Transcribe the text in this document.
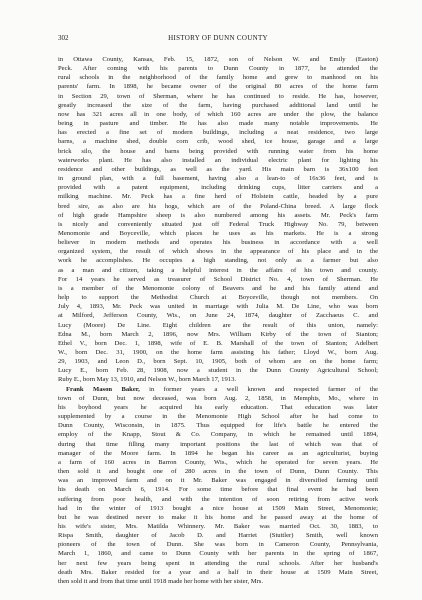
302	HISTORY OF DUNN COUNTY
in Ottawa County, Kansas, Feb. 15, 1872, son of Nelson W. and Emily (Easton)
Peck. After coming with his parents to Dunn County in 1877, he attended the
rural schools in the neighborhood of the family home and grew to manhood on his
parents' farm. In 1898, he became owner of the original 80 acres of the home farm
in Section 29, town of Sherman, where he has continued to reside. He has, however,
greatly increased the size of the farm, having purchased additional land until he
now has 321 acres all in one body, of which 160 acres are under the plow, the balance
being in pasture and timber. He has also made many notable improvements. He
has erected a fine set of modern buildings, including a neat residence, two large
barns, a machine shed, double corn crib, wood shed, ice house, garage and a large
brick silo, the house and barns being provided with running water from his home
waterworks plant. He has also installed an individual electric plant for lighting his
residence and other buildings, as well as the yard. His main barn is 36x100 feet
in ground plan, with a full basement, having also a lean-to of 16x36 feet, and is
provided with a patent equipment, including drinking cups, litter carriers and a
milking machine. Mr. Peck has a fine herd of Holstein cattle, headed by a pure
bred sire, as also are his hogs, which are of the Poland-China breed. A large flock
of high grade Hampshire sheep is also numbered among his assets. Mr. Peck's farm
is nicely and conveniently situated just off Federal Truck Highway No. 79, between
Menomonie and Boyceville, which places he uses as his markets. He is a strong
believer in modern methods and operates his business in accordance with a well
organized system, the result of which shows in the appearance of his place and in the
work he accomplishes. He occupies a high standing, not only as a farmer but also
as a man and citizen, taking a helpful interest in the affairs of his town and county.
For 14 years he served as treasurer of School District No. 4, town of Sherman. He
is a member of the Menomonie colony of Beavers and he and his family attend and
help to support the Methodist Church at Boyceville, though not members. On
July 4, 1893, Mr. Peck was united in marriage with Julia M. De Line, who was born
at Milford, Jefferson County, Wis., on June 24, 1874, daughter of Zacchaeus C. and
Lucy (Moore) De Line. Eight children are the result of this union, namely:
Edna M., born March 2, 1896, now Mrs. William Kirby of the town of Stanton;
Ethel V., born Dec. 1, 1898, wife of E. B. Marshall of the town of Stanton; Adelbert
W., born Dec. 31, 1900, on the home farm assisting his father; Lloyd W., born Aug.
29, 1903, and Leon D., born Sept. 10, 1905, both of whom are on the home farm;
Lucy E., born Feb. 28, 1908, now a student in the Dunn County Agricultural School;
Ruby E., born May 13, 1910, and Nelson W., born March 17, 1913.
Frank Mason Baker, in former years a well known and respected farmer of the
town of Dunn, but now deceased, was born Aug. 2, 1858, in Memphis, Mo., where in
his boyhood years he acquired his early education. That education was later
supplemented by a course in the Menomonie High School after he had come to
Dunn County, Wisconsin, in 1875. Thus equipped for life's battle he entered the
employ of the Knapp, Stout & Co. Company, in which he remained until 1894,
during that time filling many important positions the last of which was that of
manager of the Moore farm. In 1894 he began his career as an agriculturist, buying
a farm of 160 acres in Barron County, Wis., which he operated for seven years. He
then sold it and bought one of 280 acres in the town of Dunn, Dunn County. This
was an improved farm and on it Mr. Baker was engaged in diversified farming until
his death on March 6, 1914. For some time before that final event he had been
suffering from poor health, and with the intention of soon retiring from active work
had in the winter of 1913 bought a nice house at 1509 Main Street, Menomonie;
but he was destined never to make it his home and he passed away at the home of
his wife's sister, Mrs. Matilda Whinnery. Mr. Baker was married Oct. 30, 1883, to
Rispa Smith, daughter of Jacob D. and Harriet (Stuttler) Smith, well known
pioneers of the town of Dunn. She was born in Cameron County, Pennsylvania,
March 1, 1860, and came to Dunn County with her parents in the spring of 1867,
her next few years being spent in attending the rural schools. After her husband's
death Mrs. Baker resided for a year and a half in their house at 1509 Main Street,
then sold it and from that time until 1918 made her home with her sister, Mrs.
